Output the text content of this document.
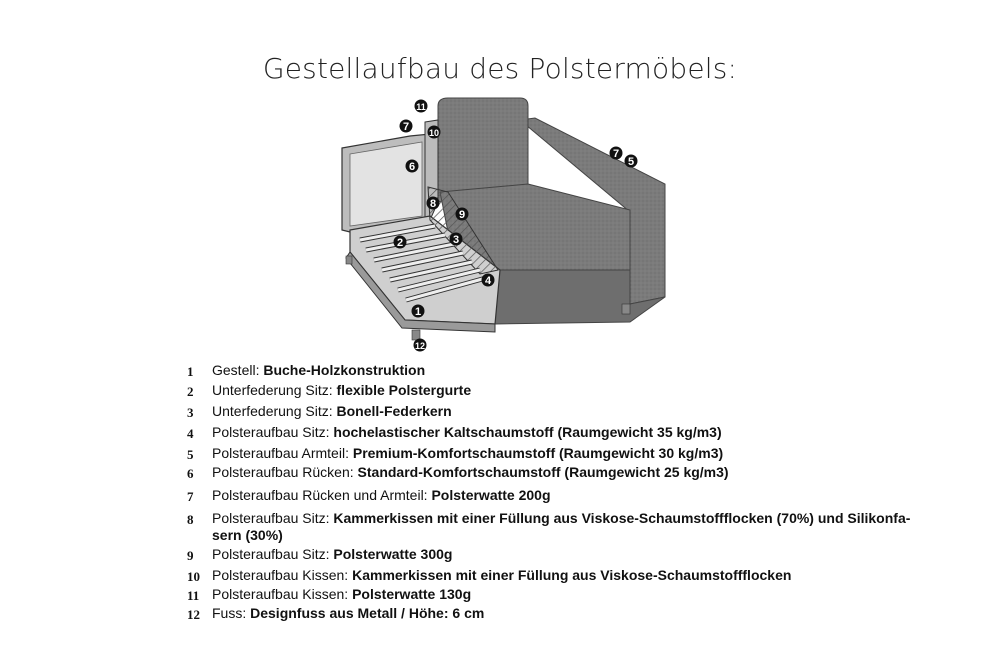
Gestellaufbau des Polstermöbels:
1
2	3
4
5
6
7
7
8
9
10
11
12
1	Gestell: Buche-Holzkonstruktion
2	Unterfederung Sitz: flexible Polstergurte
3	Unterfederung Sitz: Bonell-Federkern
4	Polsteraufbau Sitz: hochelastischer Kaltschaumstoff (Raumgewicht 35 kg/m3)
5	Polsteraufbau Armteil: Premium-Komfortschaumstoff (Raumgewicht 30 kg/m3)
6	Polsteraufbau Rücken: Standard-Komfortschaumstoff (Raumgewicht 25 kg/m3)
7	Polsteraufbau Rücken und Armteil: Polsterwatte 200g
8	Polsteraufbau Sitz: Kammerkissen mit einer Füllung aus Viskose-Schaumstoffflocken (70%) und Silikonfa-
sern (30%)
9	Polsteraufbau Sitz: Polsterwatte 300g
10 Polsteraufbau Kissen: Kammerkissen mit einer Füllung aus Viskose-Schaumstoffflocken
11 Polsteraufbau Kissen: Polsterwatte 130g
12 Fuss: Designfuss aus Metall / Höhe: 6 cm
